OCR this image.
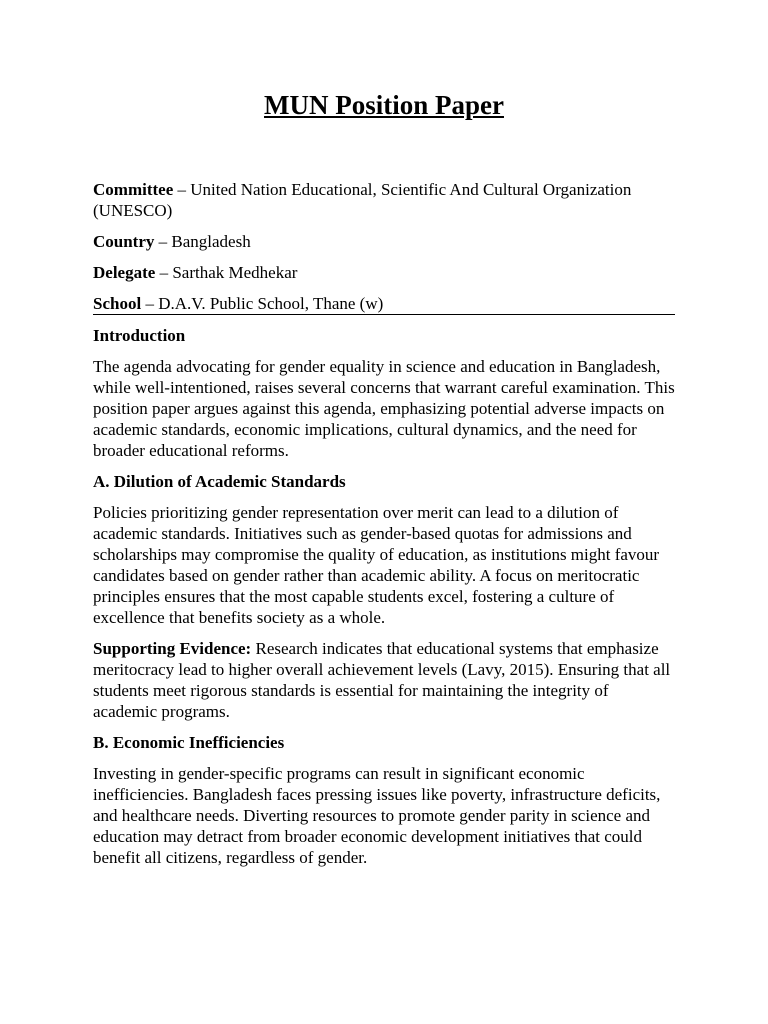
MUN Position Paper

Committee – United Nation Educational, Scientific And Cultural Organization (UNESCO)

Country – Bangladesh

Delegate – Sarthak Medhekar

School – D.A.V. Public School, Thane (w)

Introduction

The agenda advocating for gender equality in science and education in Bangladesh, while well-intentioned, raises several concerns that warrant careful examination. This position paper argues against this agenda, emphasizing potential adverse impacts on academic standards, economic implications, cultural dynamics, and the need for broader educational reforms.

A. Dilution of Academic Standards

Policies prioritizing gender representation over merit can lead to a dilution of academic standards. Initiatives such as gender-based quotas for admissions and scholarships may compromise the quality of education, as institutions might favour candidates based on gender rather than academic ability. A focus on meritocratic principles ensures that the most capable students excel, fostering a culture of excellence that benefits society as a whole.

Supporting Evidence: Research indicates that educational systems that emphasize meritocracy lead to higher overall achievement levels (Lavy, 2015). Ensuring that all students meet rigorous standards is essential for maintaining the integrity of academic programs.

B. Economic Inefficiencies

Investing in gender-specific programs can result in significant economic inefficiencies. Bangladesh faces pressing issues like poverty, infrastructure deficits, and healthcare needs. Diverting resources to promote gender parity in science and education may detract from broader economic development initiatives that could benefit all citizens, regardless of gender.
